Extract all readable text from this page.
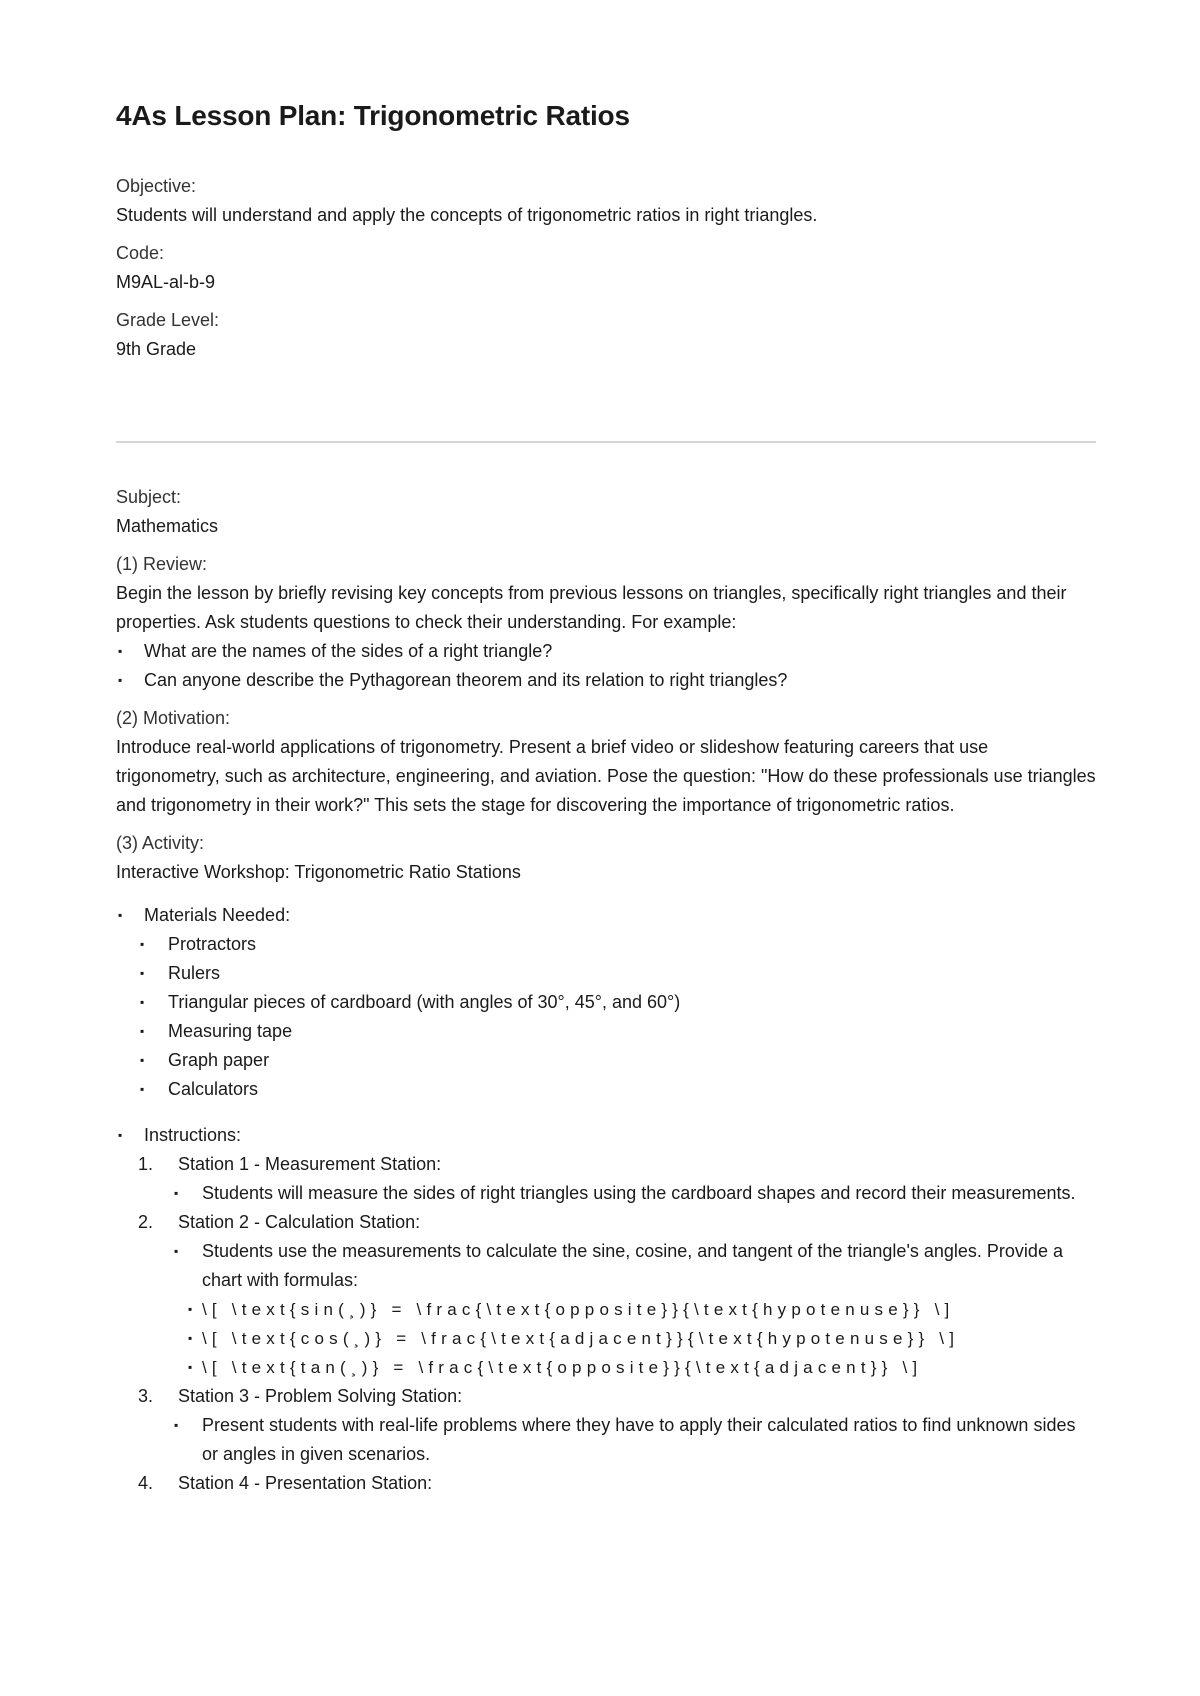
4As Lesson Plan: Trigonometric Ratios
Objective:
Students will understand and apply the concepts of trigonometric ratios in right triangles.
Code:
M9AL-al-b-9
Grade Level:
9th Grade
Subject:
Mathematics
(1) Review:

Begin the lesson by briefly revising key concepts from previous lessons on triangles, specifically right triangles and their properties. Ask students questions to check their understanding. For example:

▪ What are the names of the sides of a right triangle?
▪ Can anyone describe the Pythagorean theorem and its relation to right triangles?
(2) Motivation:

Introduce real-world applications of trigonometry. Present a brief video or slideshow featuring careers that use trigonometry, such as architecture, engineering, and aviation. Pose the question: "How do these professionals use triangles and trigonometry in their work?" This sets the stage for discovering the importance of trigonometric ratios.

(3) Activity:
Interactive Workshop: Trigonometric Ratio Stations
▪ Materials Needed:
▪ Protractors
▪ Rulers
▪ Triangular pieces of cardboard (with angles of 30°, 45°, and 60°)
▪ Measuring tape
▪ Graph paper
▪ Calculators
▪ Instructions:
1. Station 1 - Measurement Station:
▪ Students will measure the sides of right triangles using the cardboard shapes and record their measurements.
2. Station 2 - Calculation Station:
▪ Students use the measurements to calculate the sine, cosine, and tangent of the triangle's angles. Provide a chart with formulas:
▪ \[ \text{sin(¸)} = \frac{\text{opposite}}{\text{hypotenuse}} \]
▪ \[ \text{cos(¸)} = \frac{\text{adjacent}}{\text{hypotenuse}} \]
▪ \[ \text{tan(¸)} = \frac{\text{opposite}}{\text{adjacent}} \]
3. Station 3 - Problem Solving Station:
▪ Present students with real-life problems where they have to apply their calculated ratios to find unknown sides or angles in given scenarios.
4. Station 4 - Presentation Station:
